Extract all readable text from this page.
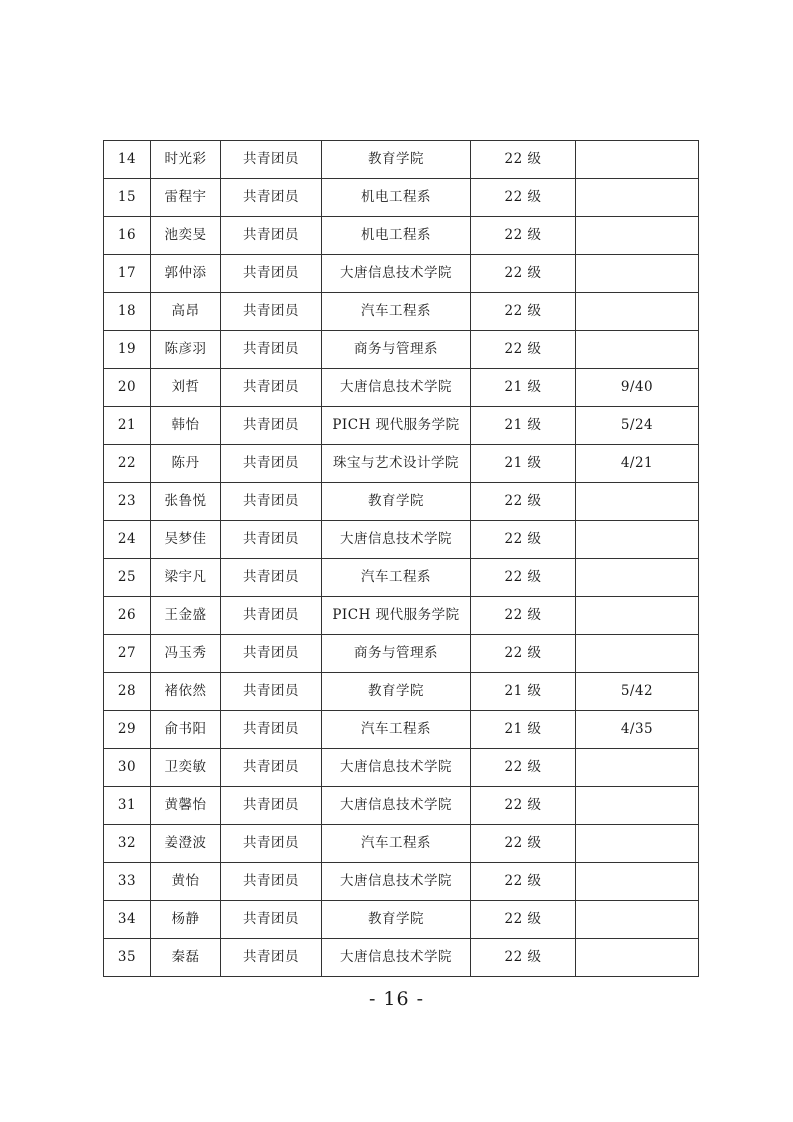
14	时光彩	共青团员	教育学院	22 级	
15	雷程宇	共青团员	机电工程系	22 级	
16	池奕旻	共青团员	机电工程系	22 级	
17	郭仲添	共青团员	大唐信息技术学院	22 级	
18	高昂	共青团员	汽车工程系	22 级	
19	陈彦羽	共青团员	商务与管理系	22 级	
20	刘哲	共青团员	大唐信息技术学院	21 级	9/40
21	韩怡	共青团员	PICH 现代服务学院	21 级	5/24
22	陈丹	共青团员	珠宝与艺术设计学院	21 级	4/21
23	张鲁悦	共青团员	教育学院	22 级	
24	吴梦佳	共青团员	大唐信息技术学院	22 级	
25	梁宇凡	共青团员	汽车工程系	22 级	
26	王金盛	共青团员	PICH 现代服务学院	22 级	
27	冯玉秀	共青团员	商务与管理系	22 级	
28	褚依然	共青团员	教育学院	21 级	5/42
29	俞书阳	共青团员	汽车工程系	21 级	4/35
30	卫奕敏	共青团员	大唐信息技术学院	22 级	
31	黄馨怡	共青团员	大唐信息技术学院	22 级	
32	姜澄波	共青团员	汽车工程系	22 级	
33	黄怡	共青团员	大唐信息技术学院	22 级	
34	杨静	共青团员	教育学院	22 级	
35	秦磊	共青团员	大唐信息技术学院	22 级	
- 16 -
